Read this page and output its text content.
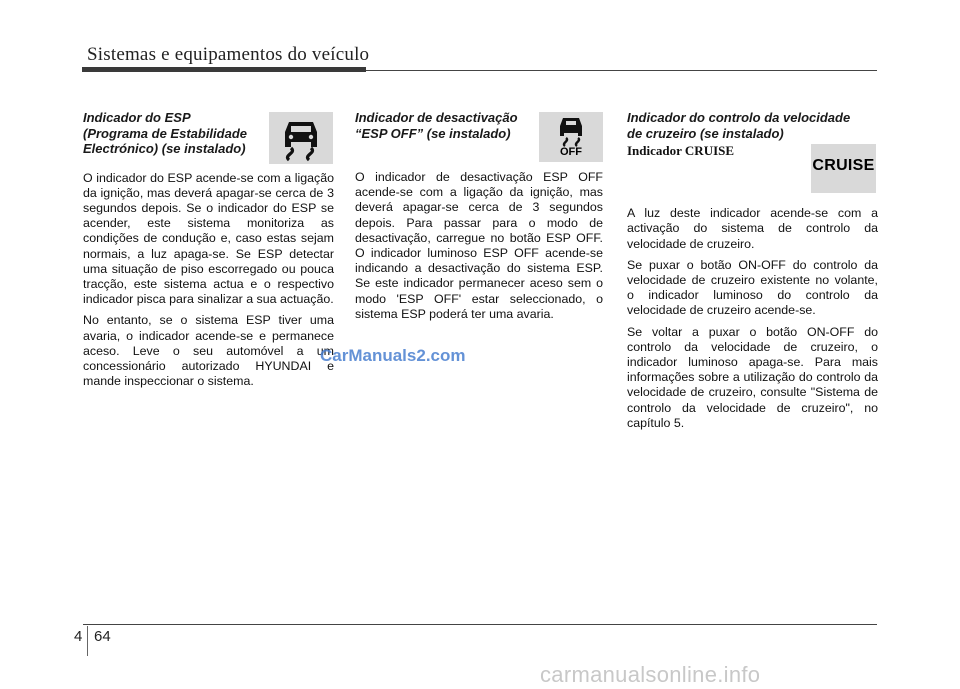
Sistemas e equipamentos do veículo
Indicador do ESP
(Programa de Estabilidade
Electrónico) (se instalado)

O indicador do ESP acende-se com a ligação da ignição, mas deverá apagar-se cerca de 3 segundos depois. Se o indicador do ESP se acender, este sistema monitoriza as condições de condução e, caso estas sejam normais, a luz apaga-se. Se ESP detectar uma situação de piso escorregado ou pouca tracção, este sistema actua e o respectivo indicador pisca para sinalizar a sua actuação.

No entanto, se o sistema ESP tiver uma avaria, o indicador acende-se e permanece aceso. Leve o seu automóvel a um concessionário autorizado HYUNDAI e mande inspeccionar o sistema.

Indicador de desactivação
“ESP OFF” (se instalado)

O indicador de desactivação ESP OFF acende-se com a ligação da ignição, mas deverá apagar-se cerca de 3 segundos depois. Para passar para o modo de desactivação, carregue no botão ESP OFF. O indicador luminoso ESP OFF acende-se indicando a desactivação do sistema ESP. Se este indicador permanecer aceso sem o modo 'ESP OFF' estar seleccionado, o sistema ESP poderá ter uma avaria.

OFF
Indicador do controlo da velocidade
de cruzeiro (se instalado)
Indicador CRUISE

A luz deste indicador acende-se com a activação do sistema de controlo da velocidade de cruzeiro.

Se puxar o botão ON-OFF do controlo da velocidade de cruzeiro existente no volante, o indicador luminoso do controlo da velocidade de cruzeiro acende-se.

Se voltar a puxar o botão ON-OFF do controlo da velocidade de cruzeiro, o indicador luminoso apaga-se. Para mais informações sobre a utilização do controlo da velocidade de cruzeiro, consulte "Sistema de controlo da velocidade de cruzeiro", no capítulo 5.

CRUISE
CarManuals2.com
4 64
carmanualsonline.info
